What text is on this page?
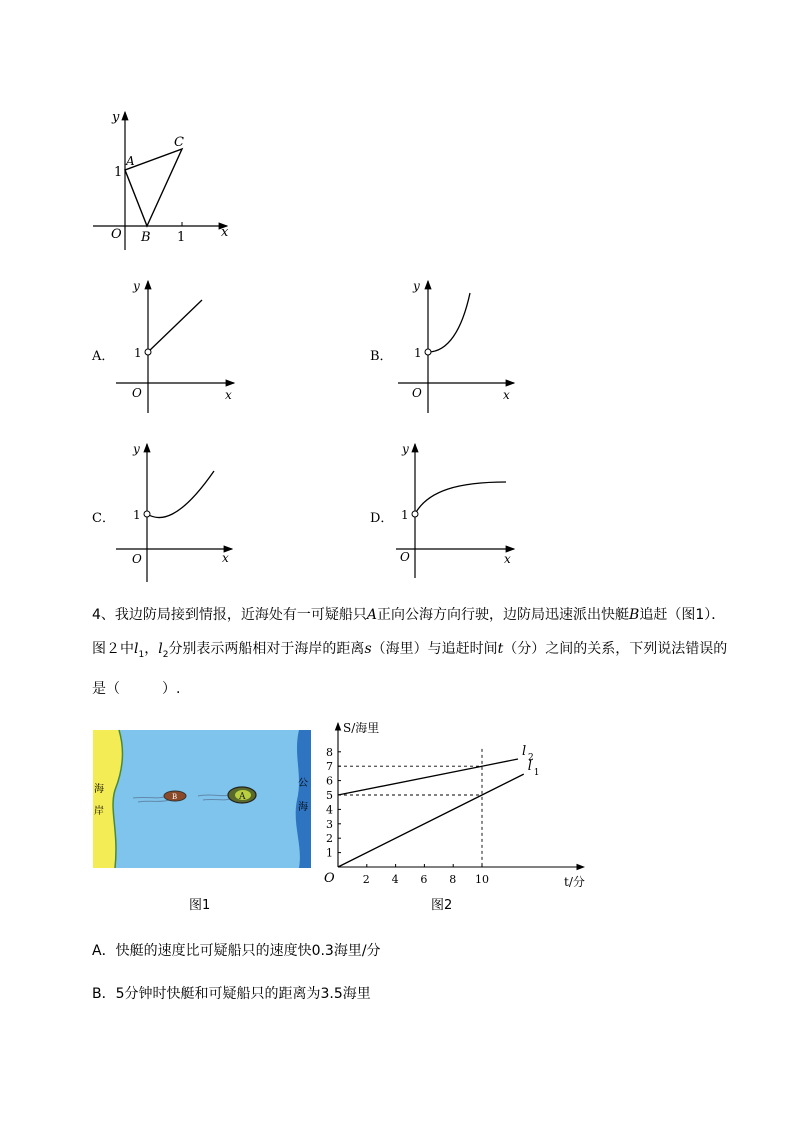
y
x
O
A
B
C
1
1
A．
y
x
O
1	B．
y
x
O
1
C．
y
x
O
1	D．
y
x
O
1
4、我边防局接到情报，近海处有一可疑船只A正向公海方向行驶，边防局迅速派出快艇B追赶（图1）．图２中$l_1$，$l_2$分别表示两船相对于海岸的距离s（海里）与追赶时间t（分）之间的关系，下列说法错误的是（　　　）.
B	A
海
岸
公
海
图1
2 4 6 8 10
1
2
3
4
5
6
7
8	l 2
l 1
S/海里
t/分
O
图2
A．快艇的速度比可疑船只的速度快0.3海里/分
B．5分钟时快艇和可疑船只的距离为3.5海里
